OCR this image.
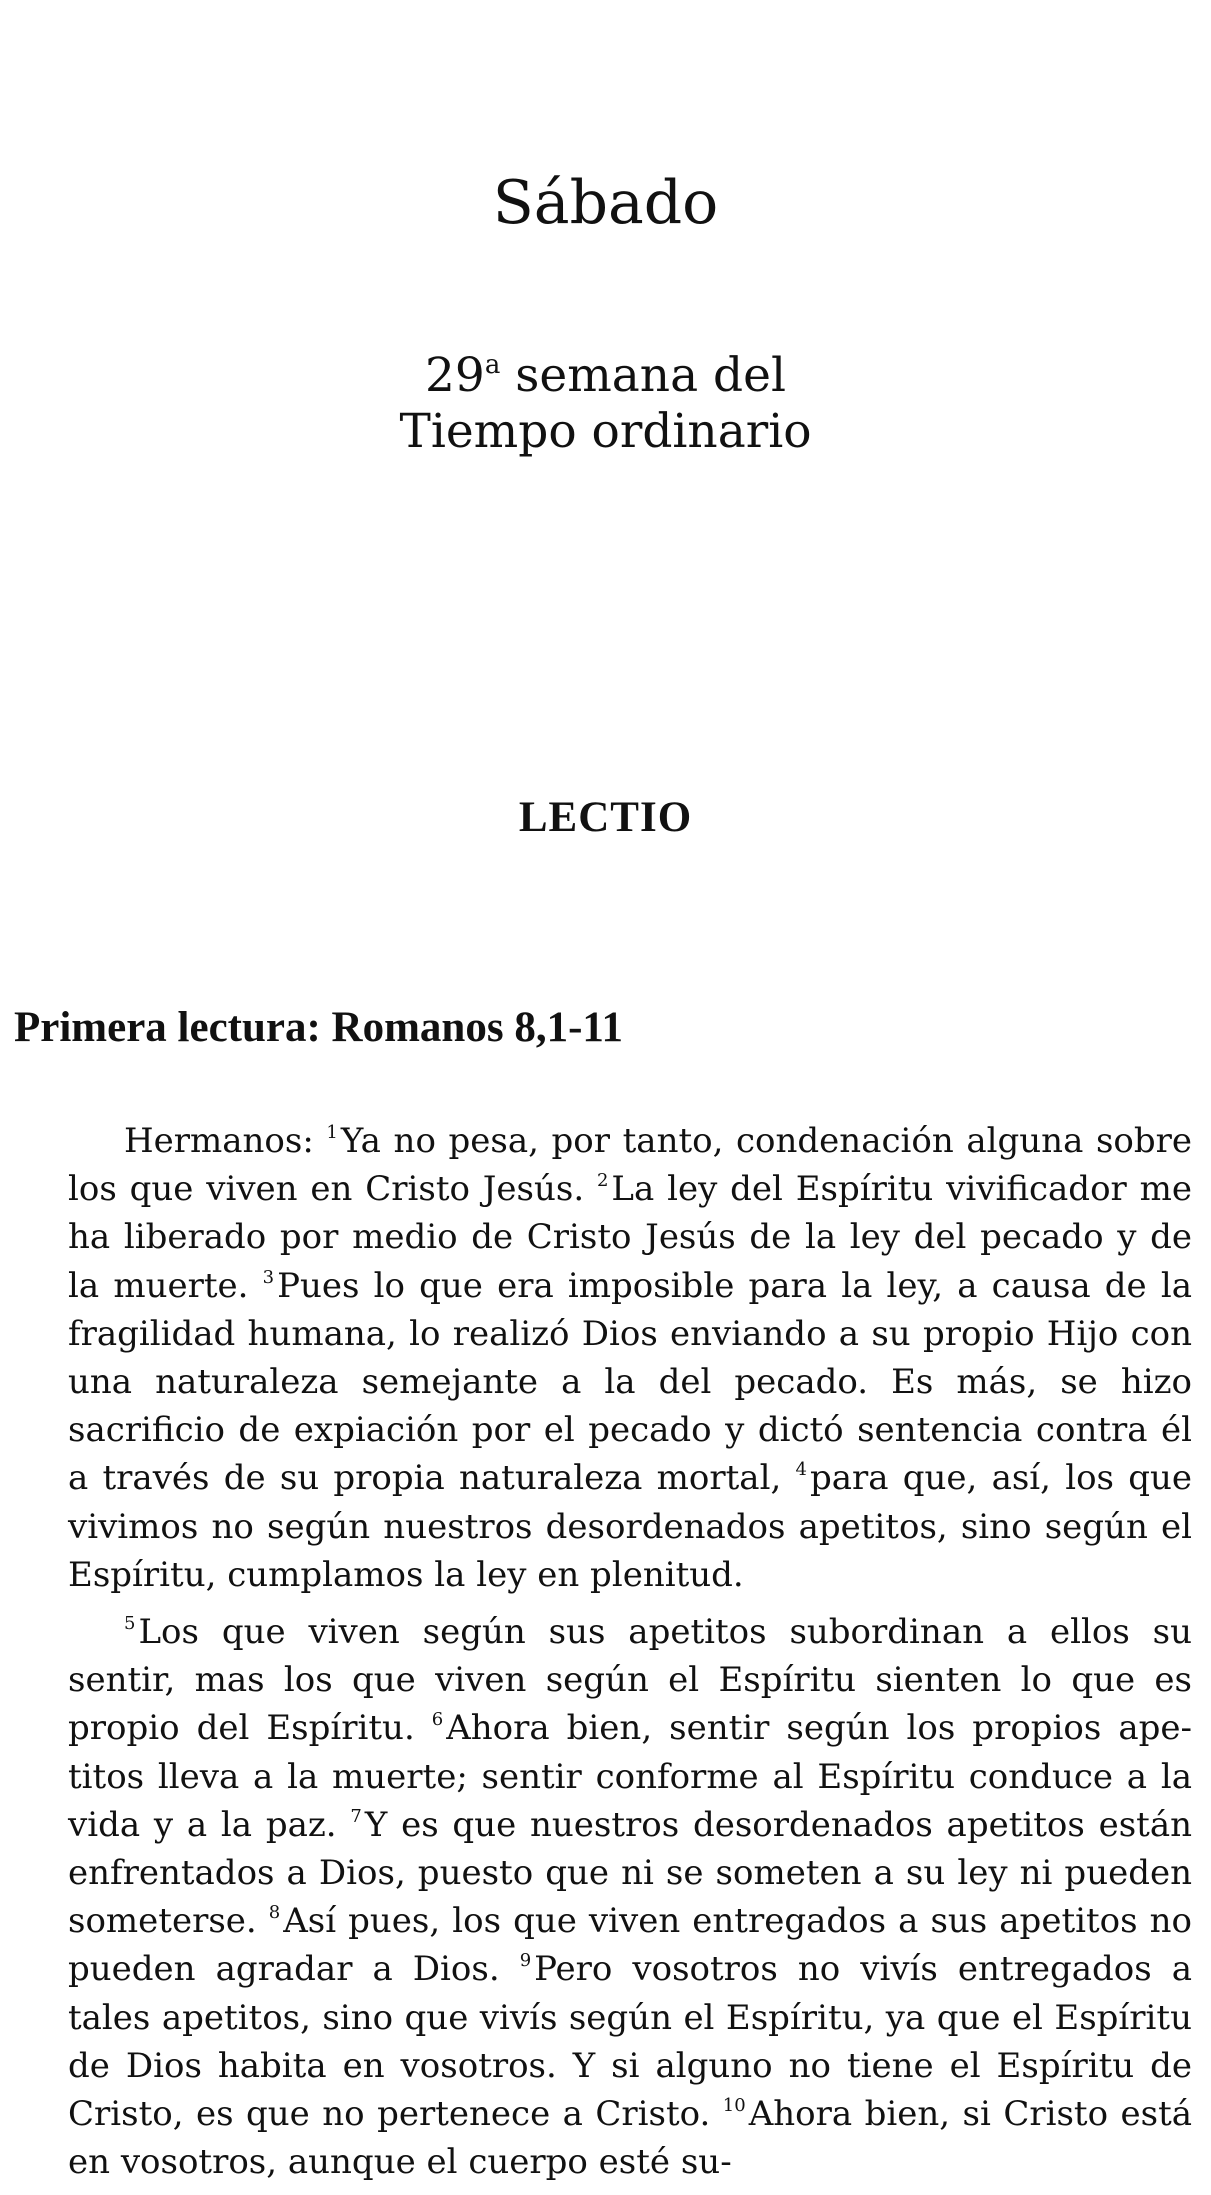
Sábado
29$^a$ semana del
Tiempo ordinario
LECTIO
Primera lectura: Romanos 8,1-11

Hermanos: $^1$Ya no pesa, por tanto, condenación alguna sobre los que viven en Cristo Jesús. $^2$La ley del Espíritu vivificador me ha liberado por medio de Cristo Jesús de la ley del pecado y de la muerte. $^3$Pues lo que era imposible para la ley, a causa de la fragilidad humana, lo realizó Dios enviando a su propio Hijo con una naturaleza semejante a la del pecado. Es más, se hizo sacrificio de expiación por el pecado y dictó sentencia contra él a través de su propia naturaleza mortal, $^4$para que, así, los que vivimos no según nuestros desordenados apetitos, sino según el Espíritu, cumplamos la ley en plenitud.

$^5$Los que viven según sus apetitos subordinan a ellos su sentir, mas los que viven según el Espíritu sienten lo que es propio del Espíritu. $^6$Ahora bien, sentir según los propios apetitos lleva a la muerte; sentir conforme al Espíritu conduce a la vida y a la paz. $^7$Y es que nuestros desordenados apetitos están enfrentados a Dios, puesto que ni se someten a su ley ni pueden someterse. $^8$Así pues, los que viven entregados a sus apetitos no pueden agradar a Dios. $^9$Pero vosotros no vivís entregados a tales apetitos, sino que vivís según el Espíritu, ya que el Espíritu de Dios habita en vosotros. Y si alguno no tiene el Espíritu de Cristo, es que no pertenece a Cristo. $^{10}$Ahora bien, si Cristo está en vosotros, aunque el cuerpo esté su-
